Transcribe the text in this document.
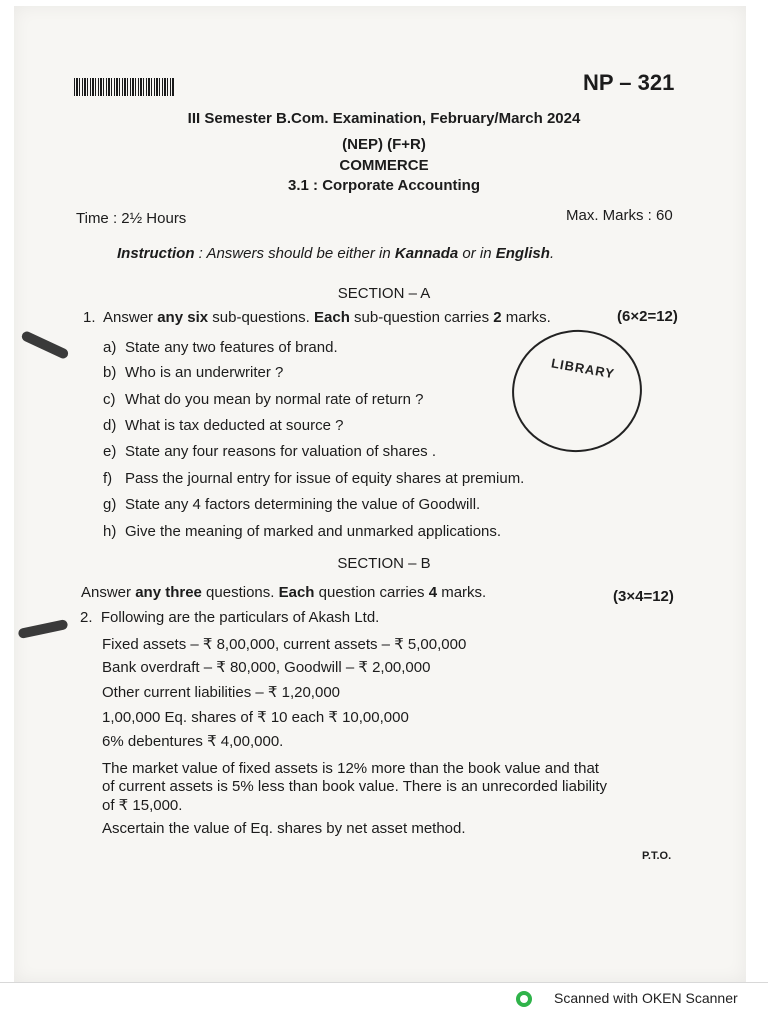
NP – 321
III Semester B.Com. Examination, February/March 2024
(NEP) (F+R)
COMMERCE
3.1 : Corporate Accounting
Time : 2½ Hours	Max. Marks : 60
Instruction : Answers should be either in Kannada or in English.
SECTION – A
1. Answer any six sub-questions. Each sub-question carries 2 marks.	(6×2=12)
a) State any two features of brand.
b) Who is an underwriter ?
c) What do you mean by normal rate of return ?
d) What is tax deducted at source ?
e) State any four reasons for valuation of shares .
f) Pass the journal entry for issue of equity shares at premium.
g) State any 4 factors determining the value of Goodwill.
h) Give the meaning of marked and unmarked applications.
LIBRARY
SECTION – B
Answer any three questions. Each question carries 4 marks.	(3×4=12)
2. Following are the particulars of Akash Ltd.
Fixed assets – ₹ 8,00,000, current assets – ₹ 5,00,000
Bank overdraft – ₹ 80,000, Goodwill – ₹ 2,00,000
Other current liabilities – ₹ 1,20,000
1,00,000 Eq. shares of ₹ 10 each ₹ 10,00,000
6% debentures ₹ 4,00,000.
The market value of fixed assets is 12% more than the book value and that
of current assets is 5% less than book value. There is an unrecorded liability
of ₹ 15,000.
Ascertain the value of Eq. shares by net asset method.
P.T.O.
Scanned with OKEN Scanner
